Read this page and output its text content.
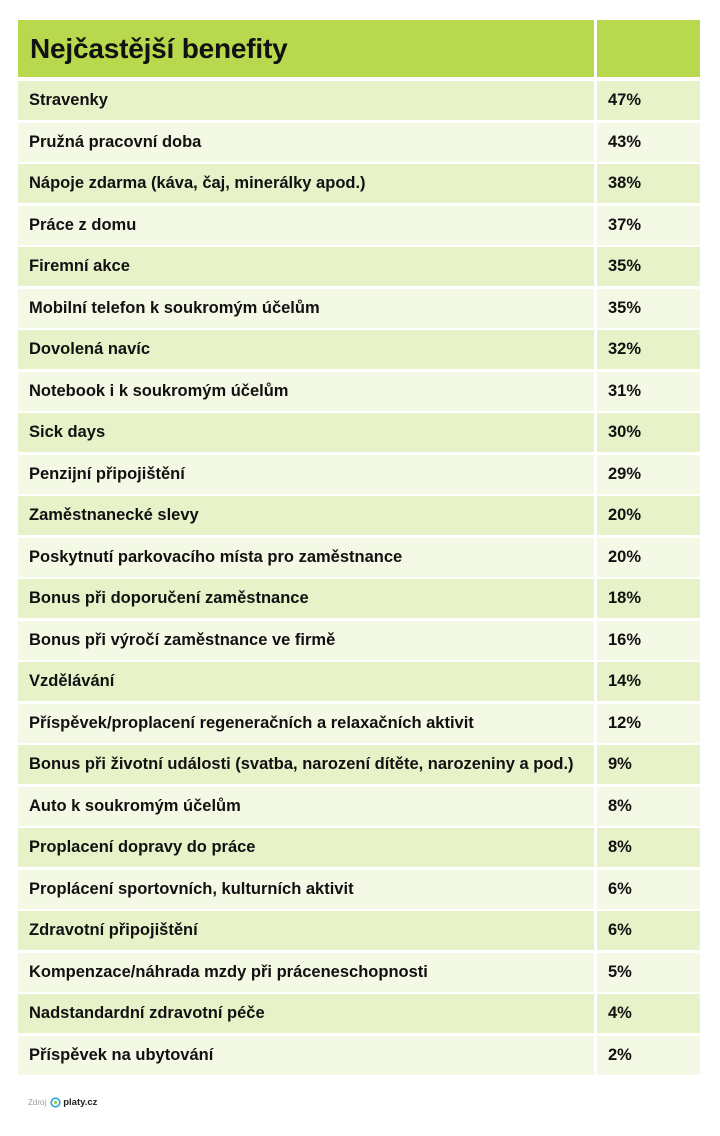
Nejčastější benefity
Stravenky	47%
Pružná pracovní doba	43%
Nápoje zdarma (káva, čaj, minerálky apod.)	38%
Práce z domu	37%
Firemní akce	35%
Mobilní telefon k soukromým účelům	35%
Dovolená navíc	32%
Notebook i k soukromým účelům	31%
Sick days	30%
Penzijní připojištění	29%
Zaměstnanecké slevy	20%
Poskytnutí parkovacího místa pro zaměstnance	20%
Bonus při doporučení zaměstnance	18%
Bonus při výročí zaměstnance ve firmě	16%
Vzdělávání	14%
Příspěvek/proplacení regeneračních a relaxačních aktivit	12%
Bonus při životní události (svatba, narození dítěte, narozeniny a pod.)	9%
Auto k soukromým účelům	8%
Proplacení dopravy do práce	8%
Proplácení sportovních, kulturních aktivit	6%
Zdravotní připojištění	6%
Kompenzace/náhrada mzdy při práceneschopnosti	5%
Nadstandardní zdravotní péče	4%
Příspěvek na ubytování	2%
Zdroj platy.cz
